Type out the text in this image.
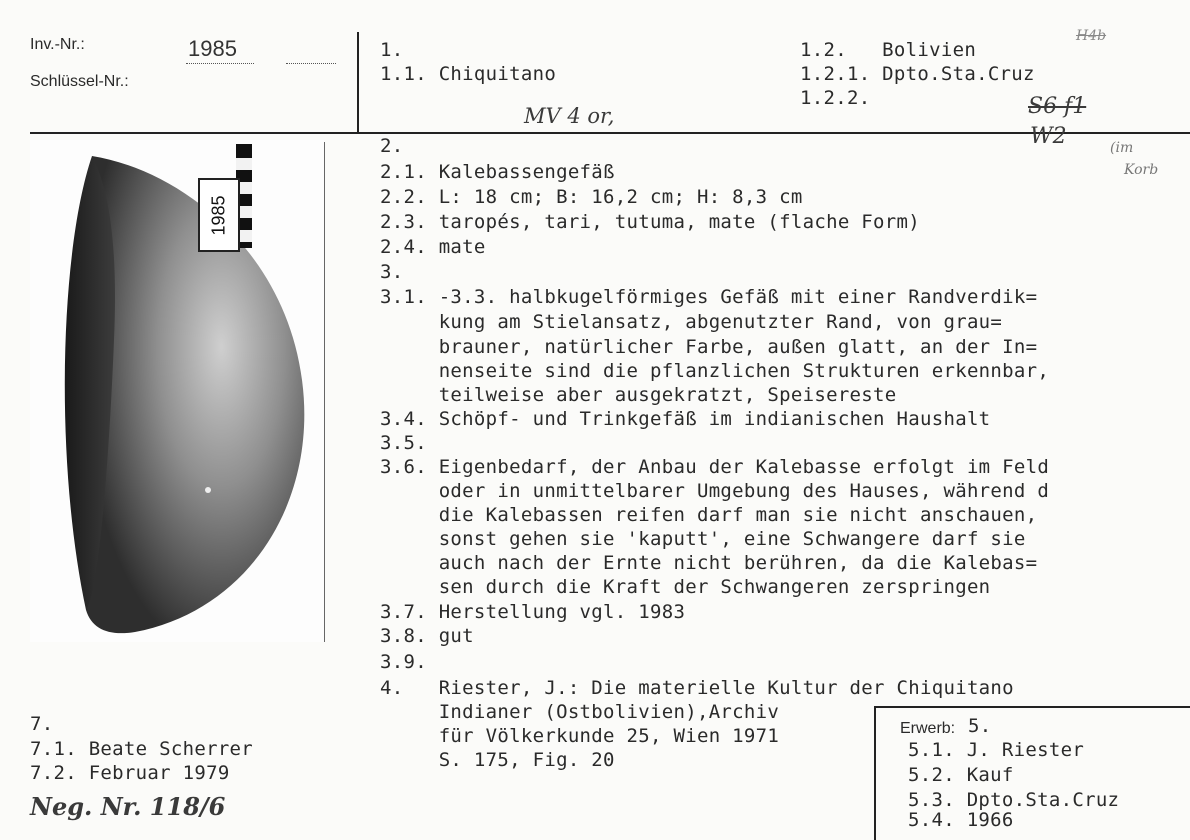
Inv.-Nr.:	1985
Schlüssel-Nr.:
1.
1.1. Chiquitano
MV 4 or,
1.2.   Bolivien
1.2.1. Dpto.Sta.Cruz
1.2.2.
H4b
S6 f1
W2	(im
Korb
1985
2.
2.1. Kalebassengefäß
2.2. L: 18 cm; B: 16,2 cm; H: 8,3 cm
2.3. taropés, tari, tutuma, mate (flache Form)
2.4. mate
3.
3.1. -3.3. halbkugelförmiges Gefäß mit einer Randverdik=
kung am Stielansatz, abgenutzter Rand, von grau=
brauner, natürlicher Farbe, außen glatt, an der In=
nenseite sind die pflanzlichen Strukturen erkennbar,
teilweise aber ausgekratzt, Speisereste
3.4. Schöpf- und Trinkgefäß im indianischen Haushalt
3.5.
3.6. Eigenbedarf, der Anbau der Kalebasse erfolgt im Feld
oder in unmittelbarer Umgebung des Hauses, während d
die Kalebassen reifen darf man sie nicht anschauen,
sonst gehen sie 'kaputt', eine Schwangere darf sie
auch nach der Ernte nicht berühren, da die Kalebas=
sen durch die Kraft der Schwangeren zerspringen
3.7. Herstellung vgl. 1983
3.8. gut
3.9.
4.   Riester, J.: Die materielle Kultur der Chiquitano
Indianer (Ostbolivien),Archiv
für Völkerkunde 25, Wien 1971
S. 175, Fig. 20
7.
7.1. Beate Scherrer
7.2. Februar 1979
Neg. Nr. 118/6
Erwerb: 5.
5.1. J. Riester
5.2. Kauf
5.3. Dpto.Sta.Cruz
5.4. 1966
